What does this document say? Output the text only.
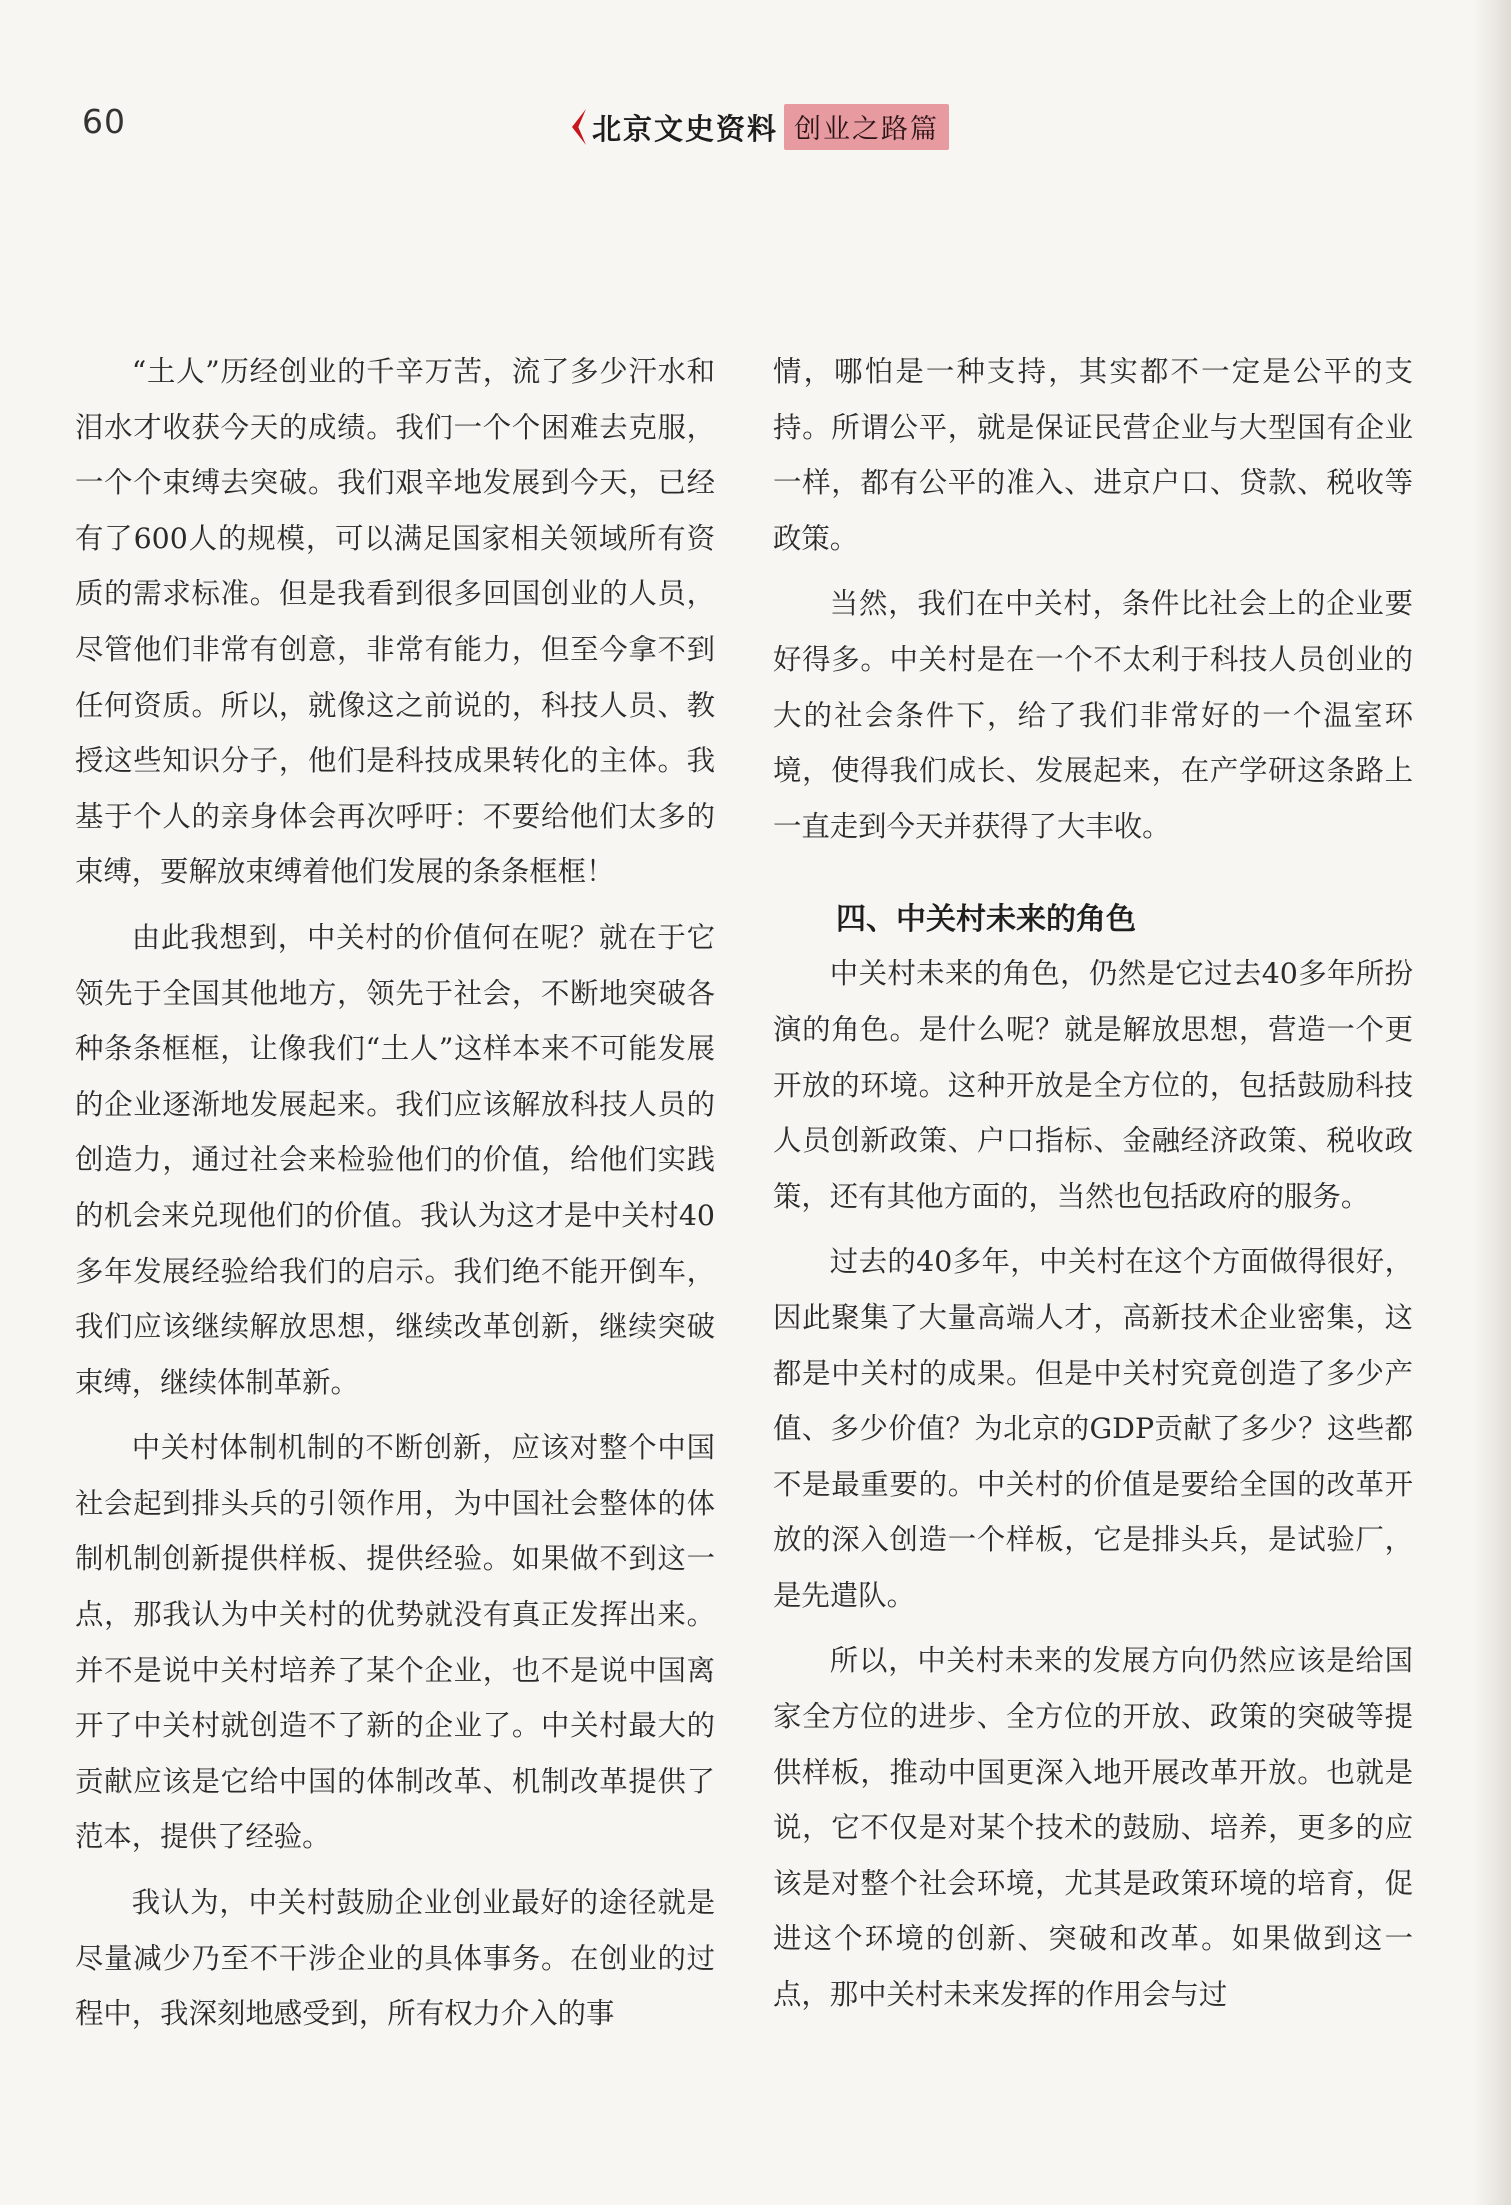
60	北京文史资料 创业之路篇

“土人”历经创业的千辛万苦，流了多少汗水和泪水才收获今天的成绩。我们一个个困难去克服，一个个束缚去突破。我们艰辛地发展到今天，已经有了600人的规模，可以满足国家相关领域所有资质的需求标准。但是我看到很多回国创业的人员，尽管他们非常有创意，非常有能力，但至今拿不到任何资质。所以，就像这之前说的，科技人员、教授这些知识分子，他们是科技成果转化的主体。我基于个人的亲身体会再次呼吁：不要给他们太多的束缚，要解放束缚着他们发展的条条框框！

由此我想到，中关村的价值何在呢？就在于它领先于全国其他地方，领先于社会，不断地突破各种条条框框，让像我们“土人”这样本来不可能发展的企业逐渐地发展起来。我们应该解放科技人员的创造力，通过社会来检验他们的价值，给他们实践的机会来兑现他们的价值。我认为这才是中关村40多年发展经验给我们的启示。我们绝不能开倒车，我们应该继续解放思想，继续改革创新，继续突破束缚，继续体制革新。

中关村体制机制的不断创新，应该对整个中国社会起到排头兵的引领作用，为中国社会整体的体制机制创新提供样板、提供经验。如果做不到这一点，那我认为中关村的优势就没有真正发挥出来。并不是说中关村培养了某个企业，也不是说中国离开了中关村就创造不了新的企业了。中关村最大的贡献应该是它给中国的体制改革、机制改革提供了范本，提供了经验。

我认为，中关村鼓励企业创业最好的途径就是尽量减少乃至不干涉企业的具体事务。在创业的过程中，我深刻地感受到，所有权力介入的事

情，哪怕是一种支持，其实都不一定是公平的支持。所谓公平，就是保证民营企业与大型国有企业一样，都有公平的准入、进京户口、贷款、税收等政策。

当然，我们在中关村，条件比社会上的企业要好得多。中关村是在一个不太利于科技人员创业的大的社会条件下，给了我们非常好的一个温室环境，使得我们成长、发展起来，在产学研这条路上一直走到今天并获得了大丰收。

四、中关村未来的角色

中关村未来的角色，仍然是它过去40多年所扮演的角色。是什么呢？就是解放思想，营造一个更开放的环境。这种开放是全方位的，包括鼓励科技人员创新政策、户口指标、金融经济政策、税收政策，还有其他方面的，当然也包括政府的服务。

过去的40多年，中关村在这个方面做得很好，因此聚集了大量高端人才，高新技术企业密集，这都是中关村的成果。但是中关村究竟创造了多少产值、多少价值？为北京的GDP贡献了多少？这些都不是最重要的。中关村的价值是要给全国的改革开放的深入创造一个样板，它是排头兵，是试验厂，是先遣队。

所以，中关村未来的发展方向仍然应该是给国家全方位的进步、全方位的开放、政策的突破等提供样板，推动中国更深入地开展改革开放。也就是说，它不仅是对某个技术的鼓励、培养，更多的应该是对整个社会环境，尤其是政策环境的培育，促进这个环境的创新、突破和改革。如果做到这一点，那中关村未来发挥的作用会与过
